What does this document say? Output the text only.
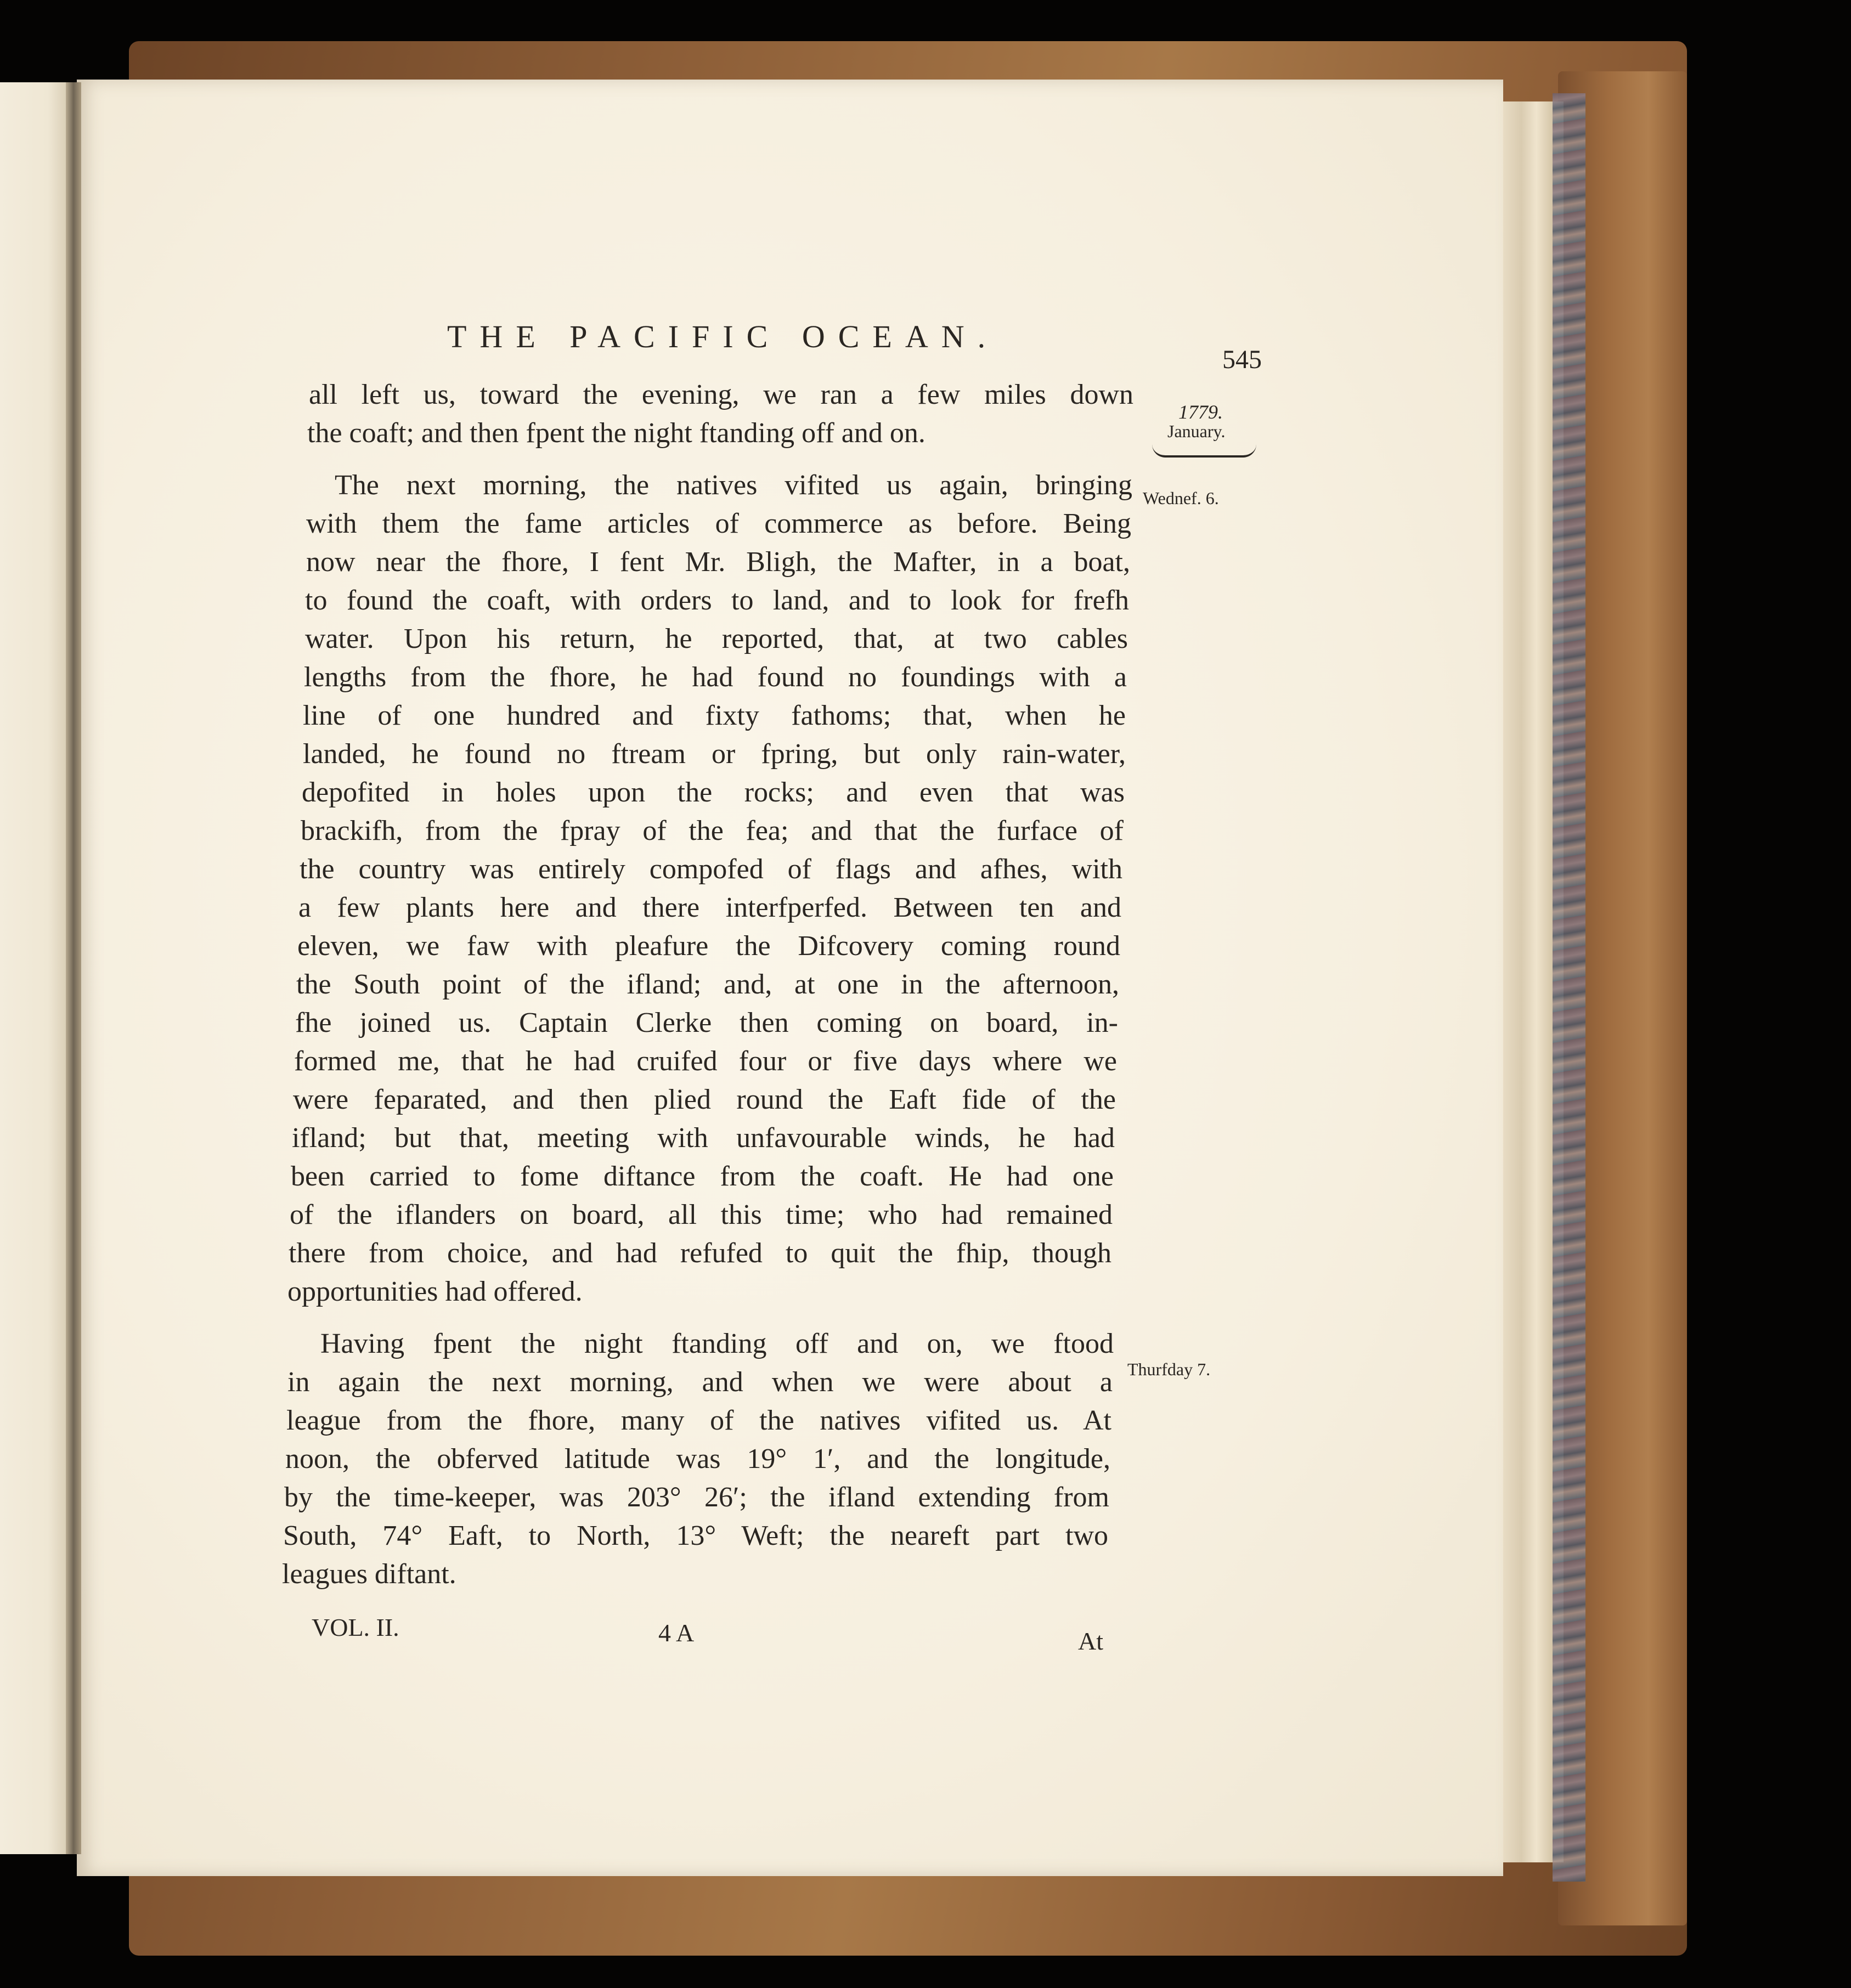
THE PACIFIC OCEAN.
545
1779.
January.
Wednef. 6.
Thurfday 7.
all left us, toward the evening, we ran a few miles down
the coaft; and then fpent the night ftanding off and on.
The next morning, the natives vifited us again, bringing
with them the fame articles of commerce as before. Being
now near the fhore, I fent Mr. Bligh, the Mafter, in a boat,
to found the coaft, with orders to land, and to look for frefh
water. Upon his return, he reported, that, at two cables
lengths from the fhore, he had found no foundings with a
line of one hundred and fixty fathoms; that, when he
landed, he found no ftream or fpring, but only rain-water,
depofited in holes upon the rocks; and even that was
brackifh, from the fpray of the fea; and that the furface of
the country was entirely compofed of flags and afhes, with
a few plants here and there interfperfed. Between ten and
eleven, we faw with pleafure the Difcovery coming round
the South point of the ifland; and, at one in the afternoon,
fhe joined us. Captain Clerke then coming on board, in-
formed me, that he had cruifed four or five days where we
were feparated, and then plied round the Eaft fide of the
ifland; but that, meeting with unfavourable winds, he had
been carried to fome diftance from the coaft. He had one
of the iflanders on board, all this time; who had remained
there from choice, and had refufed to quit the fhip, though
opportunities had offered.
Having fpent the night ftanding off and on, we ftood
in again the next morning, and when we were about a
league from the fhore, many of the natives vifited us. At
noon, the obferved latitude was 19° 1′, and the longitude,
by the time-keeper, was 203° 26′; the ifland extending from
South, 74° Eaft, to North, 13° Weft; the neareft part two
leagues diftant.
VOL. II.	4 A	At
